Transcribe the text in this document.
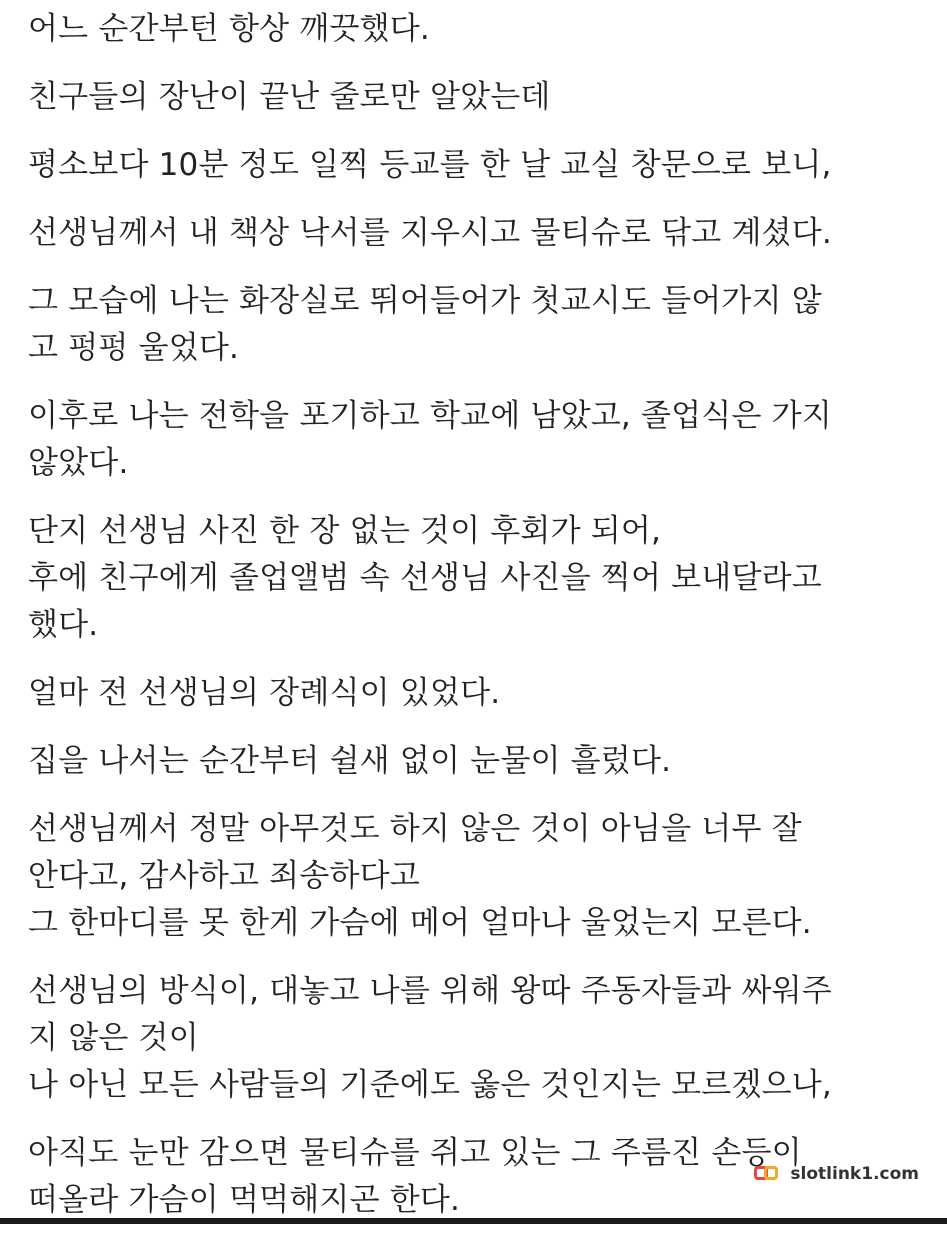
어느 순간부턴 항상 깨끗했다.
친구들의 장난이 끝난 줄로만 알았는데
평소보다 10분 정도 일찍 등교를 한 날 교실 창문으로 보니,
선생님께서 내 책상 낙서를 지우시고 물티슈로 닦고 계셨다.
그 모습에 나는 화장실로 뛰어들어가 첫교시도 들어가지 않
고 펑펑 울었다.
이후로 나는 전학을 포기하고 학교에 남았고, 졸업식은 가지
않았다.
단지 선생님 사진 한 장 없는 것이 후회가 되어,
후에 친구에게 졸업앨범 속 선생님 사진을 찍어 보내달라고
했다.
얼마 전 선생님의 장례식이 있었다.
집을 나서는 순간부터 쉴새 없이 눈물이 흘렀다.
선생님께서 정말 아무것도 하지 않은 것이 아님을 너무 잘
안다고, 감사하고 죄송하다고
그 한마디를 못 한게 가슴에 메어 얼마나 울었는지 모른다.
선생님의 방식이, 대놓고 나를 위해 왕따 주동자들과 싸워주
지 않은 것이
나 아닌 모든 사람들의 기준에도 옳은 것인지는 모르겠으나,
아직도 눈만 감으면 물티슈를 쥐고 있는 그 주름진 손등이
떠올라 가슴이 먹먹해지곤 한다.
slotlink1.com
